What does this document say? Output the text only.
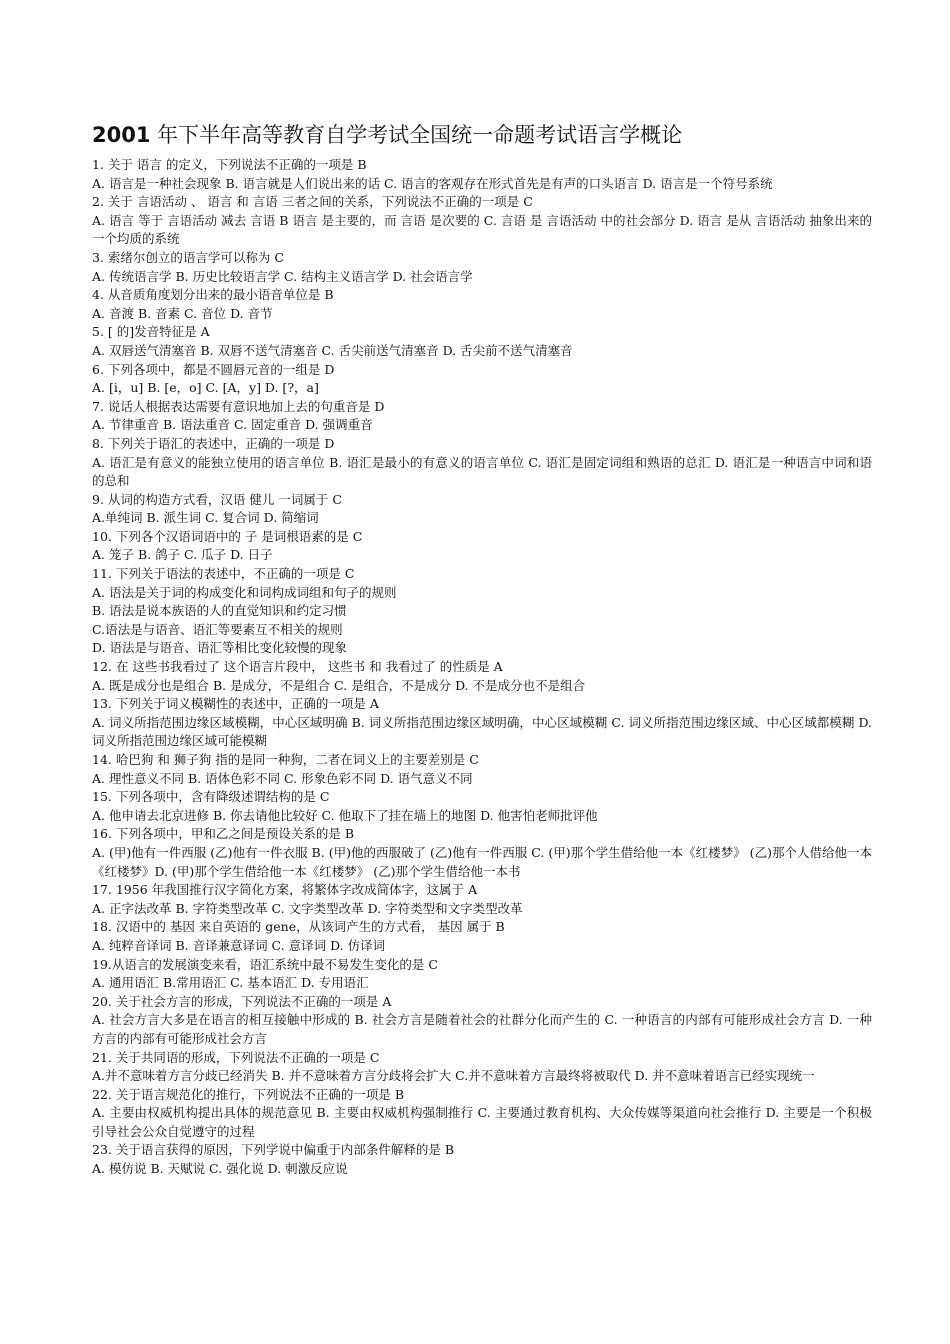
2001 年下半年高等教育自学考试全国统一命题考试语言学概论
1. 关于 语言 的定义，下列说法不正确的一项是 B
A. 语言是一种社会现象 B. 语言就是人们说出来的话 C. 语言的客观存在形式首先是有声的口头语言 D. 语言是一个符号系统
2. 关于 言语活动 、 语言 和 言语 三者之间的关系，下列说法不正确的一项是 C
A. 语言 等于 言语活动 减去 言语 B 语言 是主要的，而 言语 是次要的 C. 言语 是 言语活动 中的社会部分 D. 语言 是从 言语活动 抽象出来的一个均质的系统
3. 索绪尔创立的语言学可以称为 C
A. 传统语言学 B. 历史比较语言学 C. 结构主义语言学 D. 社会语言学
4. 从音质角度划分出来的最小语音单位是 B
A. 音渡 B. 音素 C. 音位 D. 音节
5. [ 的]发音特征是 A
A. 双唇送气清塞音 B. 双唇不送气清塞音 C. 舌尖前送气清塞音 D. 舌尖前不送气清塞音
6. 下列各项中，都是不圆唇元音的一组是 D
A. [i，u] B. [e，o] C. [A，y] D. [?，a]
7. 说话人根据表达需要有意识地加上去的句重音是 D
A. 节律重音 B. 语法重音 C. 固定重音 D. 强调重音
8. 下列关于语汇的表述中，正确的一项是 D
A. 语汇是有意义的能独立使用的语言单位 B. 语汇是最小的有意义的语言单位 C. 语汇是固定词组和熟语的总汇 D. 语汇是一种语言中词和语的总和
9. 从词的构造方式看，汉语 健儿 一词属于 C
A.单纯词 B. 派生词 C. 复合词 D. 简缩词
10. 下列各个汉语词语中的 子 是词根语素的是 C
A. 笼子 B. 鸽子 C. 瓜子 D. 日子
11. 下列关于语法的表述中，不正确的一项是 C
A. 语法是关于词的构成变化和词构成词组和句子的规则
B. 语法是说本族语的人的直觉知识和约定习惯
C.语法是与语音、语汇等要素互不相关的规则
D. 语法是与语音、语汇等相比变化较慢的现象
12. 在 这些书我看过了 这个语言片段中， 这些书 和 我看过了 的性质是 A
A. 既是成分也是组合 B. 是成分，不是组合 C. 是组合，不是成分 D. 不是成分也不是组合
13. 下列关于词义模糊性的表述中，正确的一项是 A
A. 词义所指范围边缘区域模糊，中心区域明确 B. 词义所指范围边缘区域明确，中心区域模糊 C. 词义所指范围边缘区域、中心区域都模糊 D. 词义所指范围边缘区域可能模糊
14. 哈巴狗 和 狮子狗 指的是同一种狗，二者在词义上的主要差别是 C
A. 理性意义不同 B. 语体色彩不同 C. 形象色彩不同 D. 语气意义不同
15. 下列各项中，含有降级述谓结构的是 C
A. 他申请去北京进修 B. 你去请他比较好 C. 他取下了挂在墙上的地图 D. 他害怕老师批评他
16. 下列各项中，甲和乙之间是预设关系的是 B
A. (甲)他有一件西服 (乙)他有一件衣服 B. (甲)他的西服破了 (乙)他有一件西服 C. (甲)那个学生借给他一本《红楼梦》 (乙)那个人借给他一本《红楼梦》D. (甲)那个学生借给他一本《红楼梦》 (乙)那个学生借给他一本书
17. 1956 年我国推行汉字简化方案，将繁体字改成简体字，这属于 A
A. 正字法改革 B. 字符类型改革 C. 文字类型改革 D. 字符类型和文字类型改革
18. 汉语中的 基因 来自英语的 gene，从该词产生的方式看， 基因 属于 B
A. 纯粹音译词 B. 音译兼意译词 C. 意译词 D. 仿译词
19.从语言的发展演变来看，语汇系统中最不易发生变化的是 C
A. 通用语汇 B.常用语汇 C. 基本语汇 D. 专用语汇
20. 关于社会方言的形成，下列说法不正确的一项是 A
A. 社会方言大多是在语言的相互接触中形成的 B. 社会方言是随着社会的社群分化而产生的 C. 一种语言的内部有可能形成社会方言 D. 一种方言的内部有可能形成社会方言
21. 关于共同语的形成，下列说法不正确的一项是 C
A.并不意味着方言分歧已经消失 B. 并不意味着方言分歧将会扩大 C.并不意味着方言最终将被取代 D. 并不意味着语言已经实现统一
22. 关于语言规范化的推行，下列说法不正确的一项是 B
A. 主要由权威机构提出具体的规范意见 B. 主要由权威机构强制推行 C. 主要通过教育机构、大众传媒等渠道向社会推行 D. 主要是一个积极引导社会公众自觉遵守的过程
23. 关于语言获得的原因，下列学说中偏重于内部条件解释的是 B
A. 模仿说 B. 天赋说 C. 强化说 D. 刺激反应说
